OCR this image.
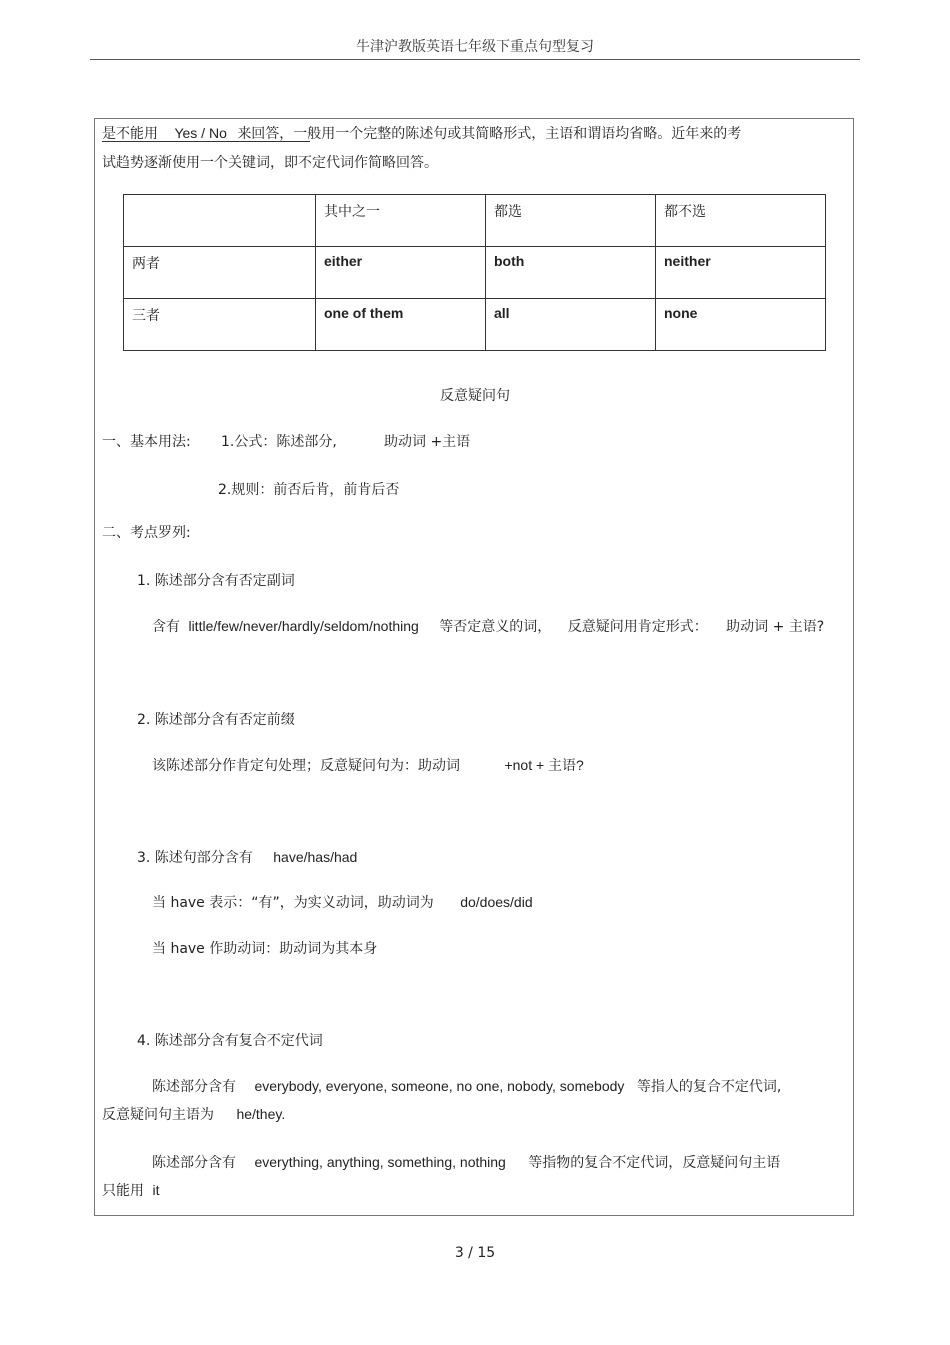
牛津沪教版英语七年级下重点句型复习
是不能用 Yes / No 来回答，一般用一个完整的陈述句或其简略形式，主语和谓语均省略。近年来的考
试趋势逐渐使用一个关键词，即不定代词作简略回答。
	其中之一	都选	都不选
两者	either	both	neither
三者	one of them	all	none
反意疑问句
一、基本用法: 1.公式：陈述部分,	助动词 +主语
2.规则：前否后肯，前肯后否
二、考点罗列:
1. 陈述部分含有否定副词
含有 little/few/never/hardly/seldom/nothing 等否定意义的词， 反意疑问用肯定形式： 助动词 + 主语?
2. 陈述部分含有否定前缀
该陈述部分作肯定句处理；反意疑问句为：助动词	+not + 主语?
3. 陈述句部分含有 have/has/had
当 have 表示：“有”，为实义动词，助动词为 do/does/did
当 have 作助动词：助动词为其本身
4. 陈述部分含有复合不定代词
陈述部分含有 everybody, everyone, someone, no one, nobody, somebody 等指人的复合不定代词,
反意疑问句主语为 he/they.
陈述部分含有 everything, anything, something, nothing 等指物的复合不定代词，反意疑问句主语
只能用 it
3 / 15
